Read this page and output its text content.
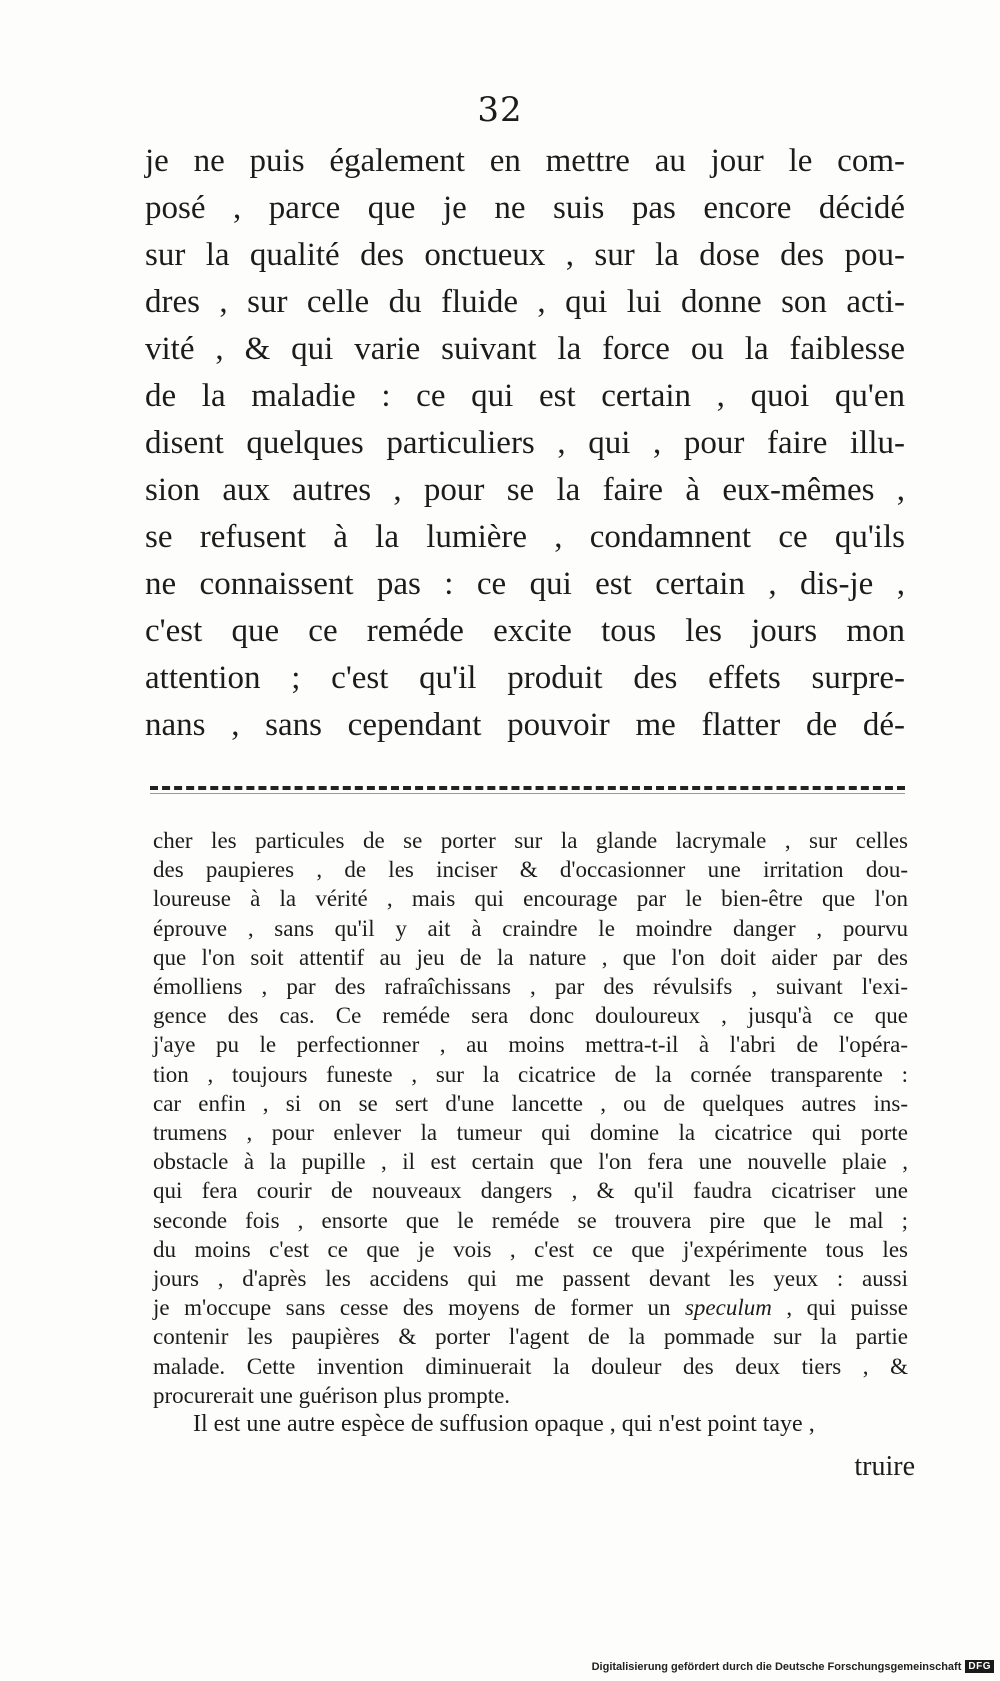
32
je ne puis également en mettre au jour le com-
posé , parce que je ne suis pas encore décidé
sur la qualité des onctueux , sur la dose des pou-
dres , sur celle du fluide , qui lui donne son acti-
vité , & qui varie suivant la force ou la faiblesse
de la maladie : ce qui est certain , quoi qu'en
disent quelques particuliers , qui , pour faire illu-
sion aux autres , pour se la faire à eux-mêmes ,
se refusent à la lumière , condamnent ce qu'ils
ne connaissent pas : ce qui est certain , dis-je ,
c'est que ce reméde excite tous les jours mon
attention ; c'est qu'il produit des effets surpre-
nans , sans cependant pouvoir me flatter de dé-
cher les particules de se porter sur la glande lacrymale , sur celles
des paupieres , de les inciser & d'occasionner une irritation dou-
loureuse à la vérité , mais qui encourage par le bien-être que l'on
éprouve , sans qu'il y ait à craindre le moindre danger , pourvu
que l'on soit attentif au jeu de la nature , que l'on doit aider par des
émolliens , par des rafraîchissans , par des révulsifs , suivant l'exi-
gence des cas. Ce reméde sera donc douloureux , jusqu'à ce que
j'aye pu le perfectionner , au moins mettra-t-il à l'abri de l'opéra-
tion , toujours funeste , sur la cicatrice de la cornée transparente :
car enfin , si on se sert d'une lancette , ou de quelques autres ins-
trumens , pour enlever la tumeur qui domine la cicatrice qui porte
obstacle à la pupille , il est certain que l'on fera une nouvelle plaie ,
qui fera courir de nouveaux dangers , & qu'il faudra cicatriser une
seconde fois , ensorte que le reméde se trouvera pire que le mal ;
du moins c'est ce que je vois , c'est ce que j'expérimente tous les
jours , d'après les accidens qui me passent devant les yeux : aussi
je m'occupe sans cesse des moyens de former un speculum , qui puisse
contenir les paupières & porter l'agent de la pommade sur la partie
malade. Cette invention diminuerait la douleur des deux tiers , &
procurerait une guérison plus prompte.
Il est une autre espèce de suffusion opaque , qui n'est point taye ,
truire
Digitalisierung gefördert durch die Deutsche Forschungsgemeinschaft DFG
